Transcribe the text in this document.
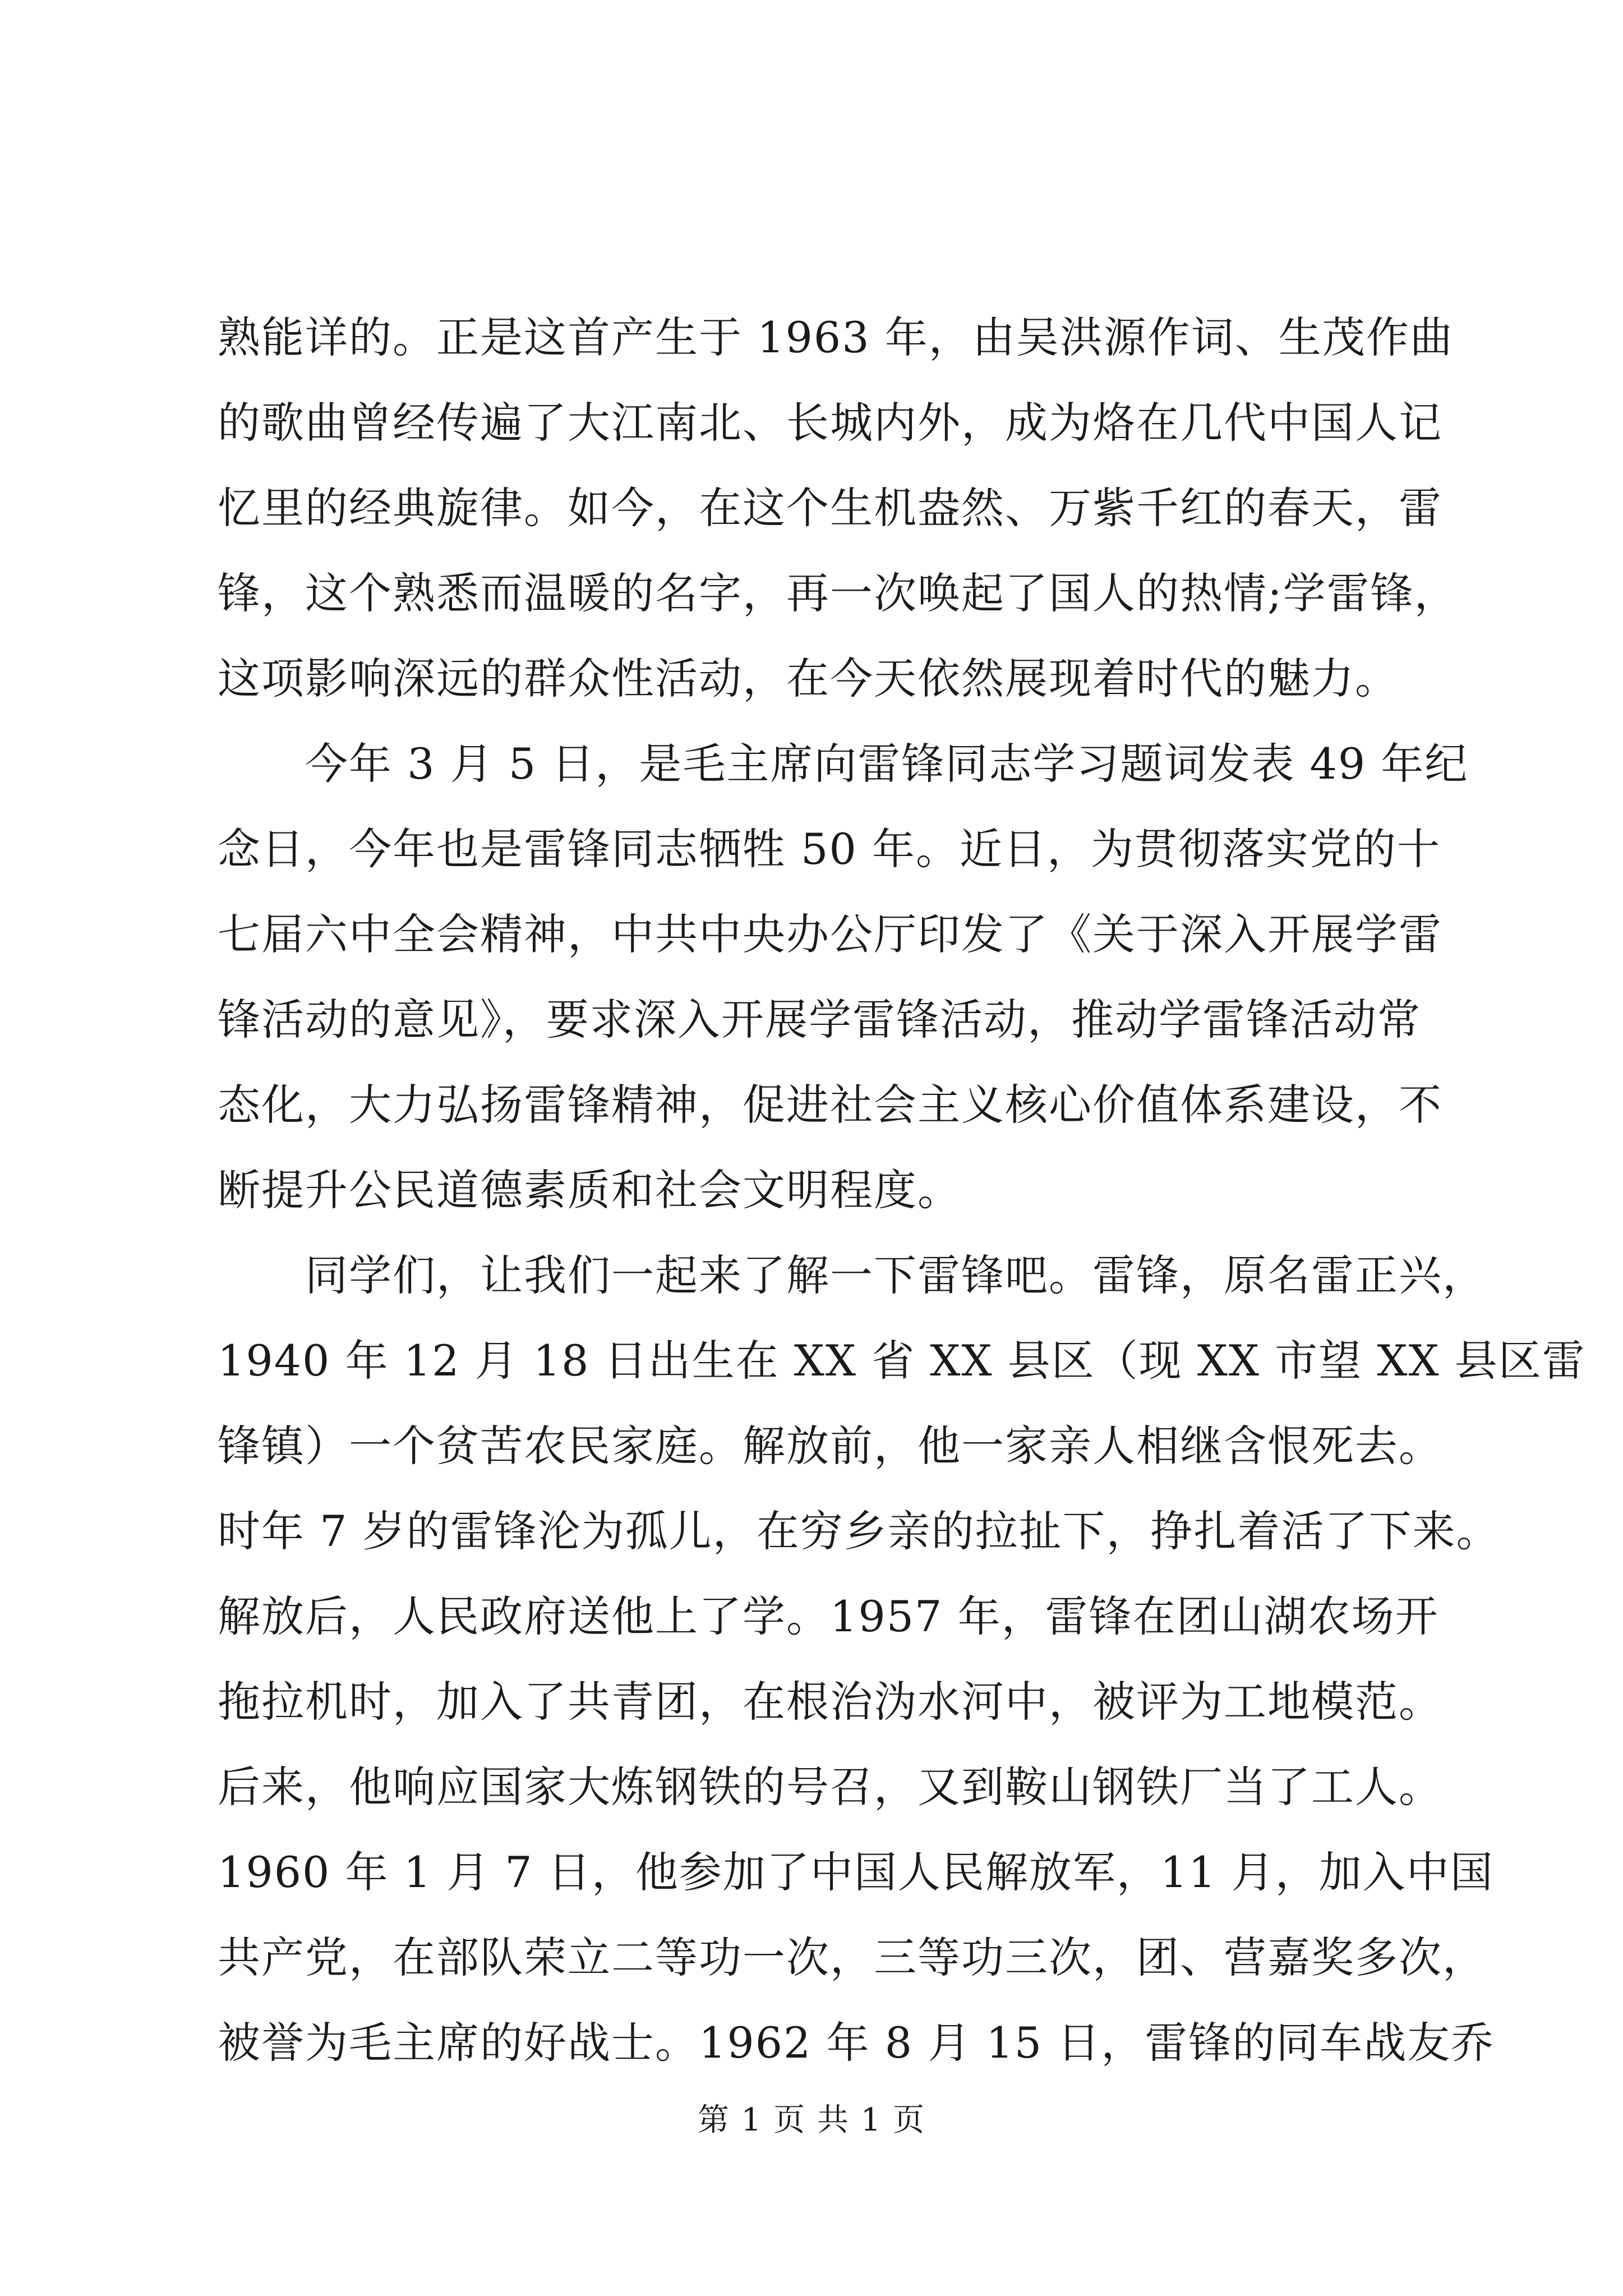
熟能详的。正是这首产生于 1963 年，由吴洪源作词、生茂作曲
的歌曲曾经传遍了大江南北、长城内外，成为烙在几代中国人记
忆里的经典旋律。如今，在这个生机盎然、万紫千红的春天，雷
锋，这个熟悉而温暖的名字，再一次唤起了国人的热情;学雷锋，
这项影响深远的群众性活动，在今天依然展现着时代的魅力。
　　今年 3 月 5 日，是毛主席向雷锋同志学习题词发表 49 年纪
念日，今年也是雷锋同志牺牲 50 年。近日，为贯彻落实党的十
七届六中全会精神，中共中央办公厅印发了《关于深入开展学雷
锋活动的意见》，要求深入开展学雷锋活动，推动学雷锋活动常
态化，大力弘扬雷锋精神，促进社会主义核心价值体系建设，不
断提升公民道德素质和社会文明程度。
　　同学们，让我们一起来了解一下雷锋吧。雷锋，原名雷正兴，
1940 年 12 月 18 日出生在 XX 省 XX 县区（现 XX 市望 XX 县区雷
锋镇）一个贫苦农民家庭。解放前，他一家亲人相继含恨死去。
时年 7 岁的雷锋沦为孤儿，在穷乡亲的拉扯下，挣扎着活了下来。
解放后，人民政府送他上了学。1957 年，雷锋在团山湖农场开
拖拉机时，加入了共青团，在根治沩水河中，被评为工地模范。
后来，他响应国家大炼钢铁的号召，又到鞍山钢铁厂当了工人。
1960 年 1 月 7 日，他参加了中国人民解放军，11 月，加入中国
共产党，在部队荣立二等功一次，三等功三次，团、营嘉奖多次，
被誉为毛主席的好战士。1962 年 8 月 15 日，雷锋的同车战友乔
第 1 页 共 1 页
